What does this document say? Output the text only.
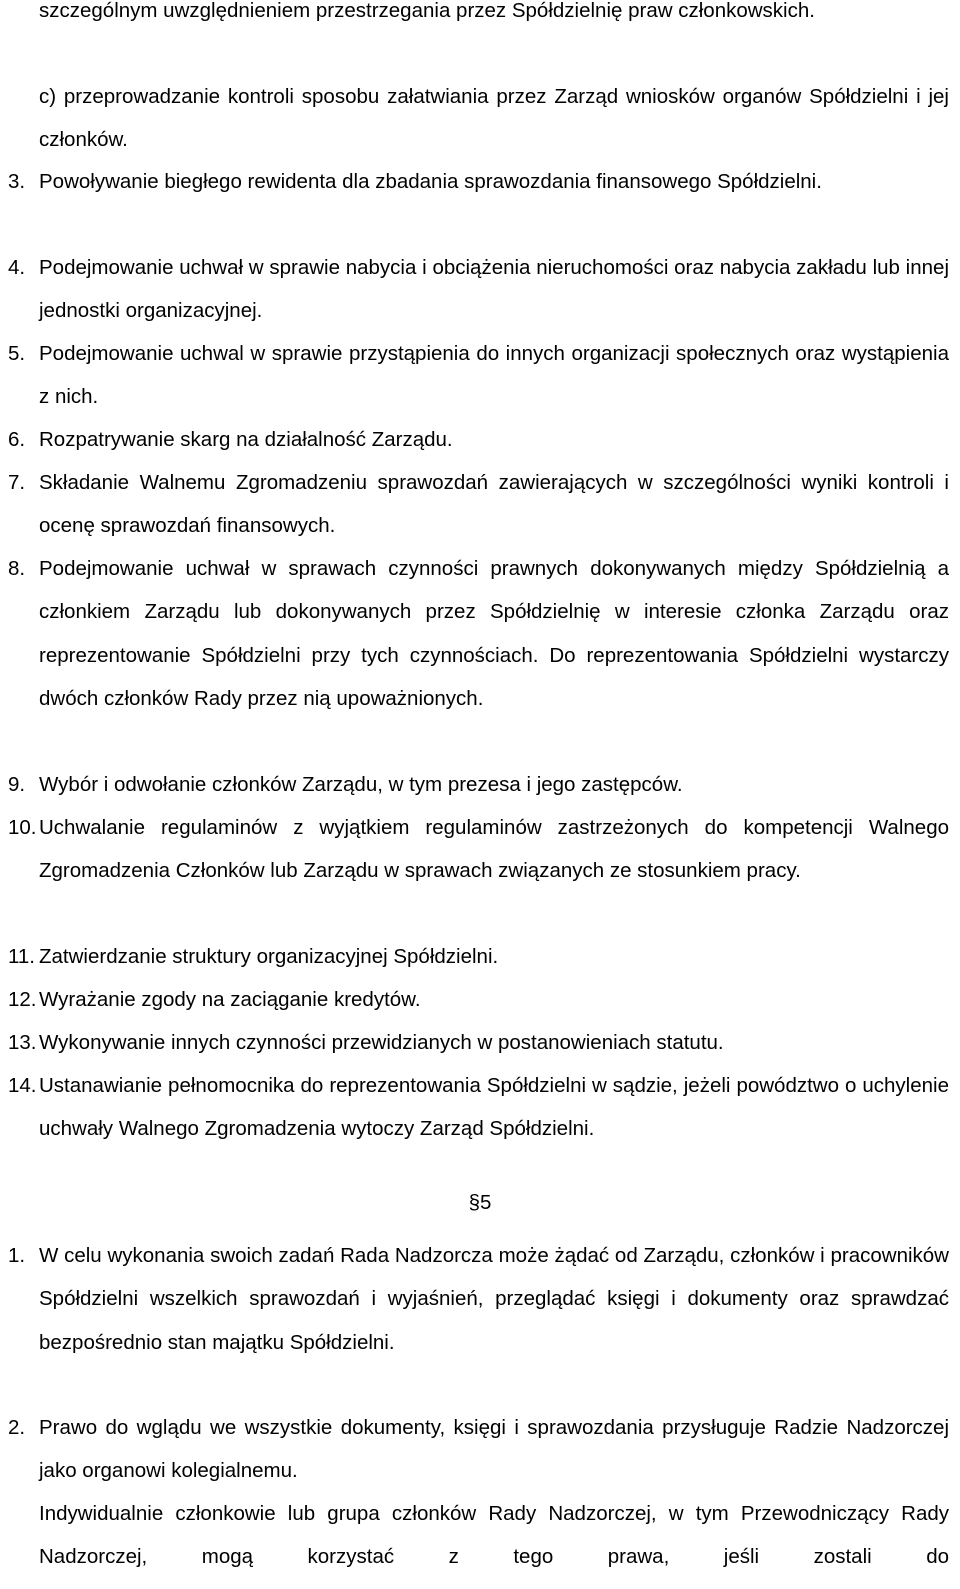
szczególnym uwzględnieniem przestrzegania przez Spółdzielnię praw członkowskich.
c) przeprowadzanie kontroli sposobu załatwiania przez Zarząd wniosków organów Spółdzielni i jej członków.
3. Powoływanie biegłego rewidenta dla zbadania sprawozdania finansowego Spółdzielni.
4. Podejmowanie uchwał w sprawie nabycia i obciążenia nieruchomości oraz nabycia zakładu lub innej jednostki organizacyjnej.
5. Podejmowanie uchwal w sprawie przystąpienia do innych organizacji społecznych oraz wystąpienia z nich.
6. Rozpatrywanie skarg na działalność Zarządu.
7. Składanie Walnemu Zgromadzeniu sprawozdań zawierających w szczególności wyniki kontroli i ocenę sprawozdań finansowych.
8. Podejmowanie uchwał w sprawach czynności prawnych dokonywanych między Spółdzielnią a członkiem Zarządu lub dokonywanych przez Spółdzielnię w interesie członka Zarządu oraz reprezentowanie Spółdzielni przy tych czynnościach. Do reprezentowania Spółdzielni wystarczy dwóch członków Rady przez nią upoważnionych.
9. Wybór i odwołanie członków Zarządu, w tym prezesa i jego zastępców.
10. Uchwalanie regulaminów z wyjątkiem regulaminów zastrzeżonych do kompetencji Walnego Zgromadzenia Członków lub Zarządu w sprawach związanych ze stosunkiem pracy.
11. Zatwierdzanie struktury organizacyjnej Spółdzielni.
12. Wyrażanie zgody na zaciąganie kredytów.
13. Wykonywanie innych czynności przewidzianych w postanowieniach statutu.
14. Ustanawianie pełnomocnika do reprezentowania Spółdzielni w sądzie, jeżeli powództwo o uchylenie uchwały Walnego Zgromadzenia wytoczy Zarząd Spółdzielni.
§5
1. W celu wykonania swoich zadań Rada Nadzorcza może żądać od Zarządu, członków i pracowników Spółdzielni wszelkich sprawozdań i wyjaśnień, przeglądać księgi i dokumenty oraz sprawdzać bezpośrednio stan majątku Spółdzielni.
2. Prawo do wglądu we wszystkie dokumenty, księgi i sprawozdania przysługuje Radzie Nadzorczej jako organowi kolegialnemu.
Indywidualnie członkowie lub grupa członków Rady Nadzorczej, w tym Przewodniczący Rady Nadzorczej, mogą korzystać z tego prawa, jeśli zostali do
